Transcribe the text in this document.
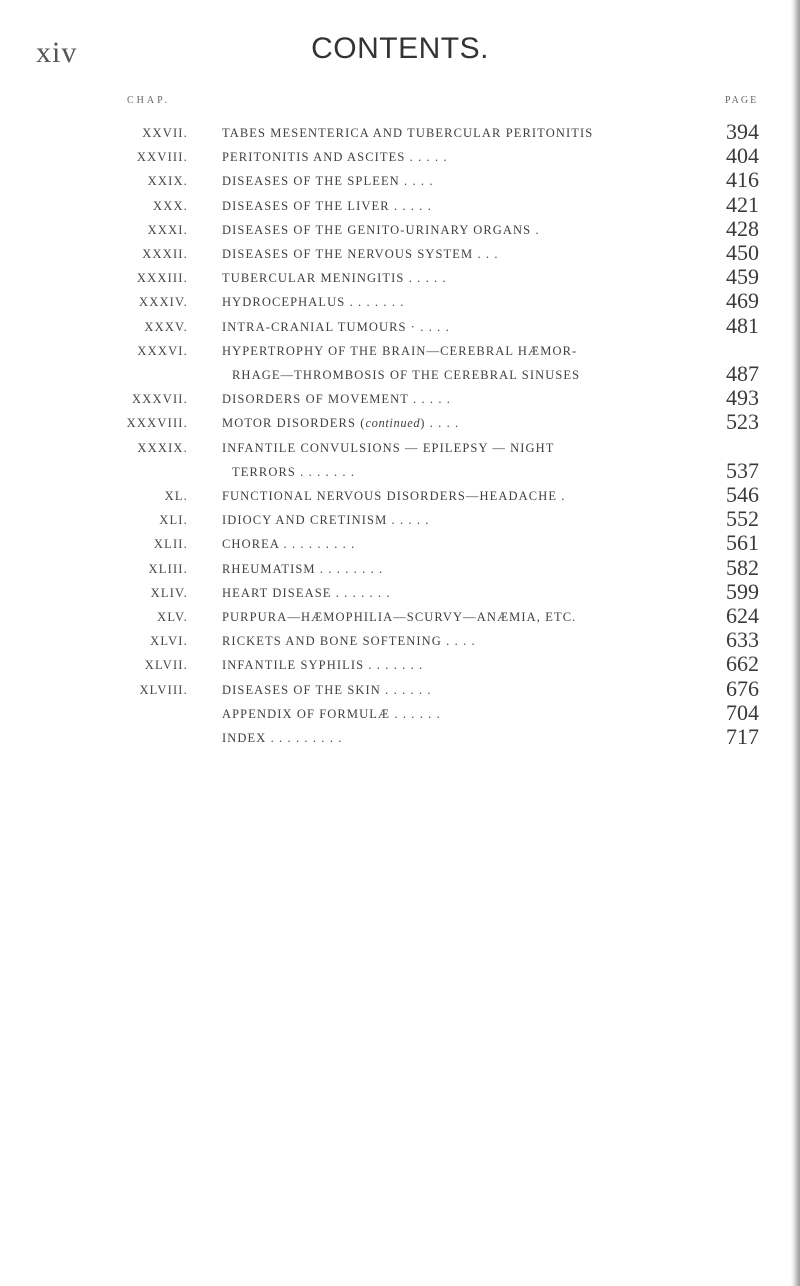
xiv	CONTENTS.
CHAP.	PAGE
XXVII.	TABES MESENTERICA AND TUBERCULAR PERITONITIS	394
XXVIII.	PERITONITIS AND ASCITES . . . . .	404
XXIX.	DISEASES OF THE SPLEEN . . . .	416
XXX.	DISEASES OF THE LIVER . . . . .	421
XXXI.	DISEASES OF THE GENITO-URINARY ORGANS .	428
XXXII.	DISEASES OF THE NERVOUS SYSTEM . . .	450
XXXIII.	TUBERCULAR MENINGITIS . . . . .	459
XXXIV.	HYDROCEPHALUS . . . . . . .	469
XXXV.	INTRA-CRANIAL TUMOURS · . . . .	481
XXXVI.	HYPERTROPHY OF THE BRAIN—CEREBRAL HÆMOR-
RHAGE—THROMBOSIS OF THE CEREBRAL SINUSES	487
XXXVII.	DISORDERS OF MOVEMENT . . . . .	493
XXXVIII.	MOTOR DISORDERS (continued) . . . .	523
XXXIX.	INFANTILE CONVULSIONS — EPILEPSY — NIGHT
TERRORS . . . . . . .	537
XL.	FUNCTIONAL NERVOUS DISORDERS—HEADACHE .	546
XLI.	IDIOCY AND CRETINISM . . . . .	552
XLII.	CHOREA . . . . . . . . .	561
XLIII.	RHEUMATISM . . . . . . . .	582
XLIV.	HEART DISEASE . . . . . . .	599
XLV.	PURPURA—HÆMOPHILIA—SCURVY—ANÆMIA, ETC.	624
XLVI.	RICKETS AND BONE SOFTENING . . . .	633
XLVII.	INFANTILE SYPHILIS . . . . . . .	662
XLVIII.	DISEASES OF THE SKIN . . . . . .	676
APPENDIX OF FORMULÆ . . . . . .	704
INDEX . . . . . . . . .	717
